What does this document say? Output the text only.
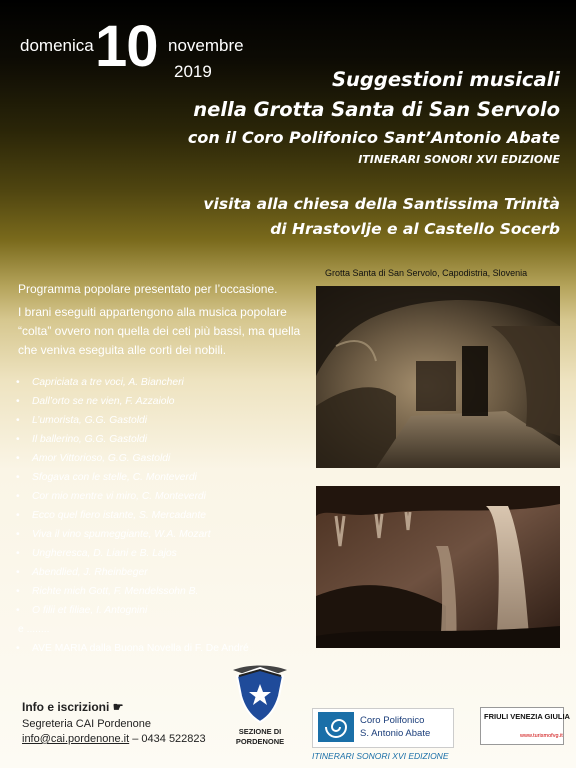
domenica 10 novembre
2019	Suggestioni musicali
nella Grotta Santa di San Servolo
con il Coro Polifonico Sant’Antonio Abate
ITINERARI SONORI XVI EDIZIONE
visita alla chiesa della Santissima Trinità
di Hrastovlje e al Castello Socerb
Grotta Santa di San Servolo, Capodistria, Slovenia

Programma popolare presentato per l’occasione.

I brani eseguiti appartengono alla musica popolare “colta” ovvero non quella dei ceti più bassi, ma quella che veniva eseguita alle corti dei nobili.

• Capriciata a tre voci, A. Biancheri
• Dall’orto se ne vien, F. Azzaiolo
• L’umorista, G.G. Gastoldi
• Il ballerino, G.G. Gastoldi
• Amor Vittorioso, G.G. Gastoldi
• Sfogava con le stelle, C. Monteverdi
• Cor mio mentre vi miro, C. Monteverdi
• Ecco quel fiero istante, S. Mercadante
• Viva il vino spumeggiante, W.A. Mozart
• Ungheresca, D. Liani e B. Lajos
• Abendlied, J. Rheinbeger
• Richte mich Gott, F. Mendelssohn B.
• O filii et filiae, I. Antognini
e ........
• AVE MARIA dalla Buona Novella di F. De André
Info e iscrizioni ☛
Segreteria CAI Pordenone
info@cai.pordenone.it – 0434 522823
SEZIONE DI
PORDENONE
Coro Polifonico
S. Antonio Abate
ITINERARI SONORI XVI EDIZIONE
FRIULI VENEZIA GIULIA
www.turismofvg.it
